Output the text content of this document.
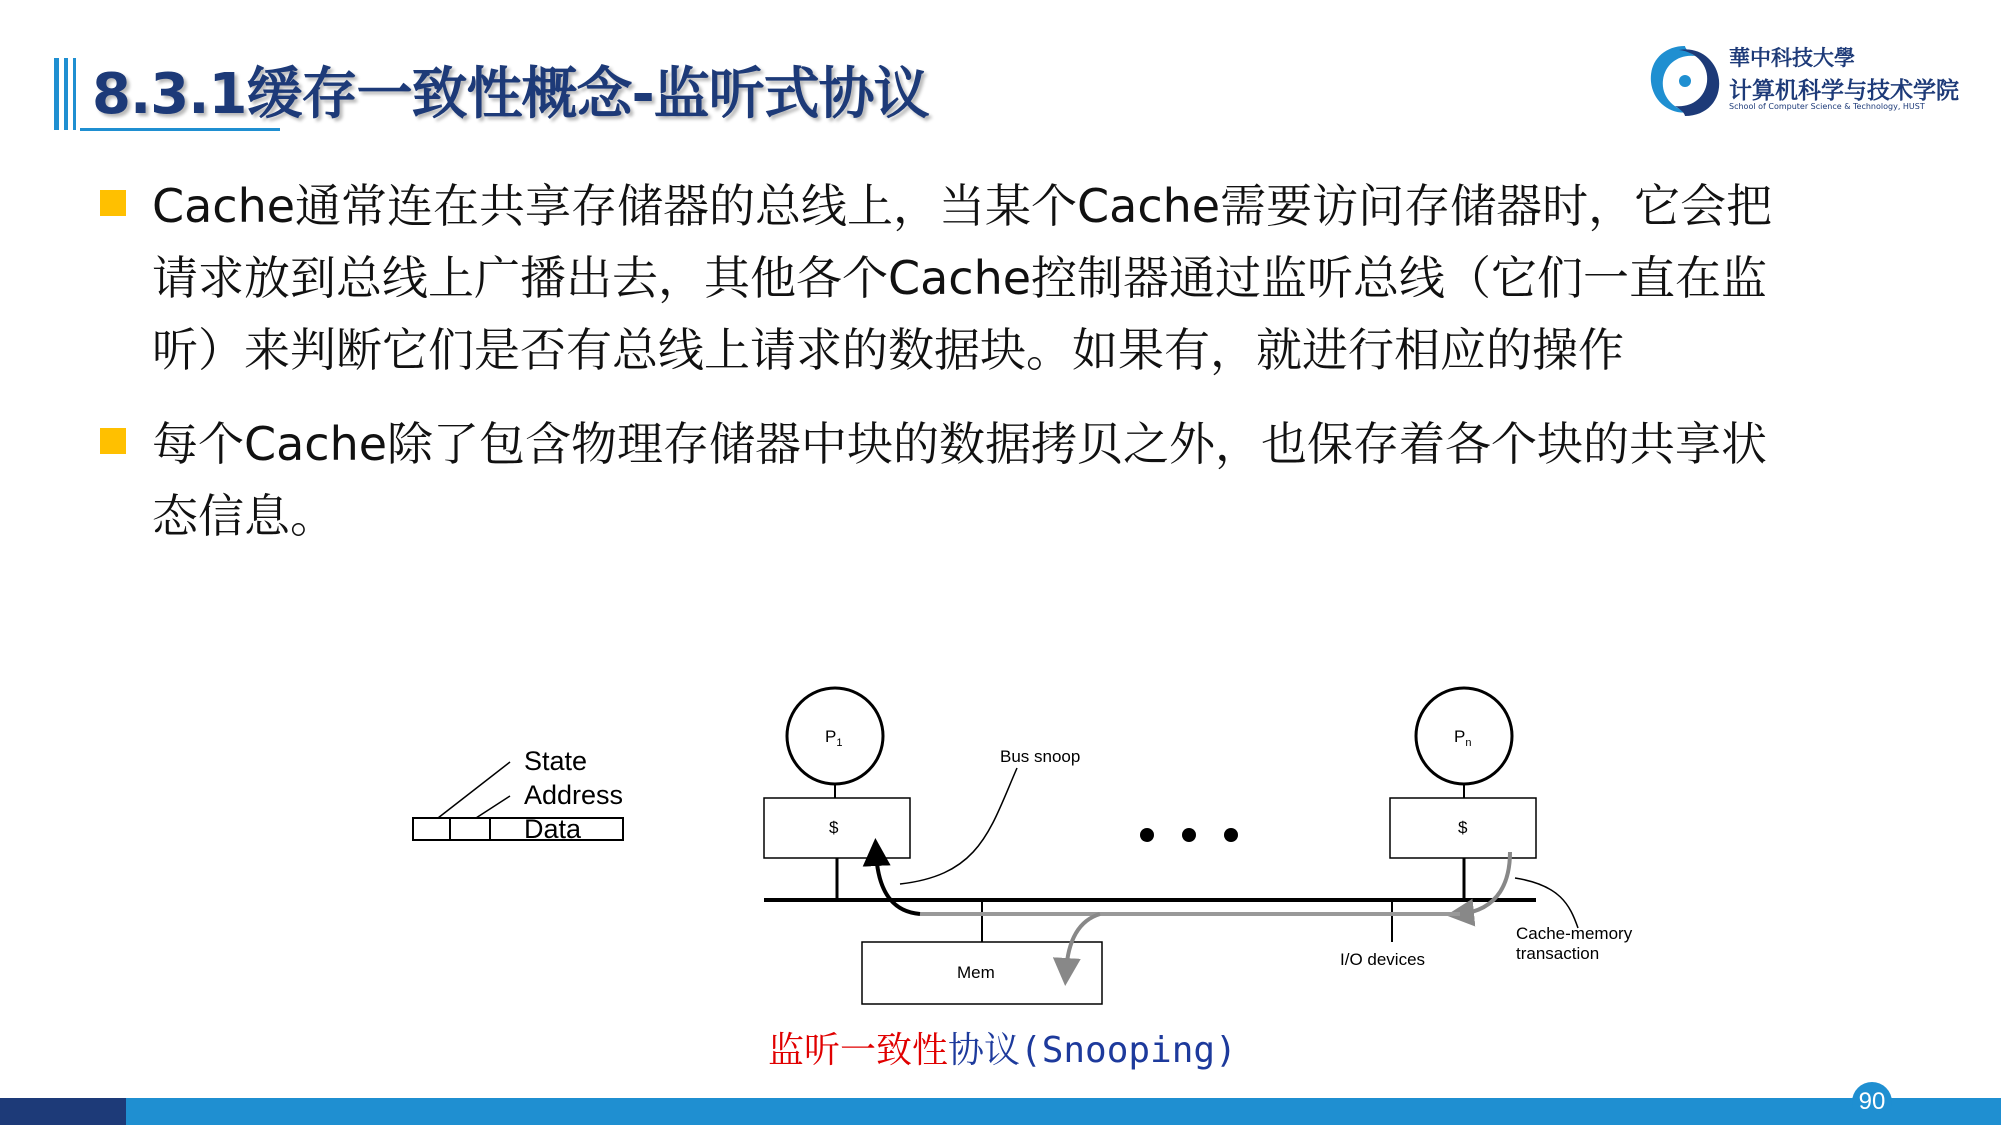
8.3.1缓存一致性概念-监听式协议
華中科技大學
计算机科学与技术学院
School of Computer Science & Technology, HUST
Cache通常连在共享存储器的总线上，当某个Cache需要访问存储器时，它会把请求放到总线上广播出去，其他各个Cache控制器通过监听总线（它们一直在监听）来判断它们是否有总线上请求的数据块。如果有，就进行相应的操作
每个Cache除了包含物理存储器中块的数据拷贝之外，也保存着各个块的共享状态信息。
State
Address
Data
$P_1$
$
$P_n$
$
Mem
I/O devices
Bus snoop
Cache-memory
transaction
监听一致性协议(Snooping)
90
